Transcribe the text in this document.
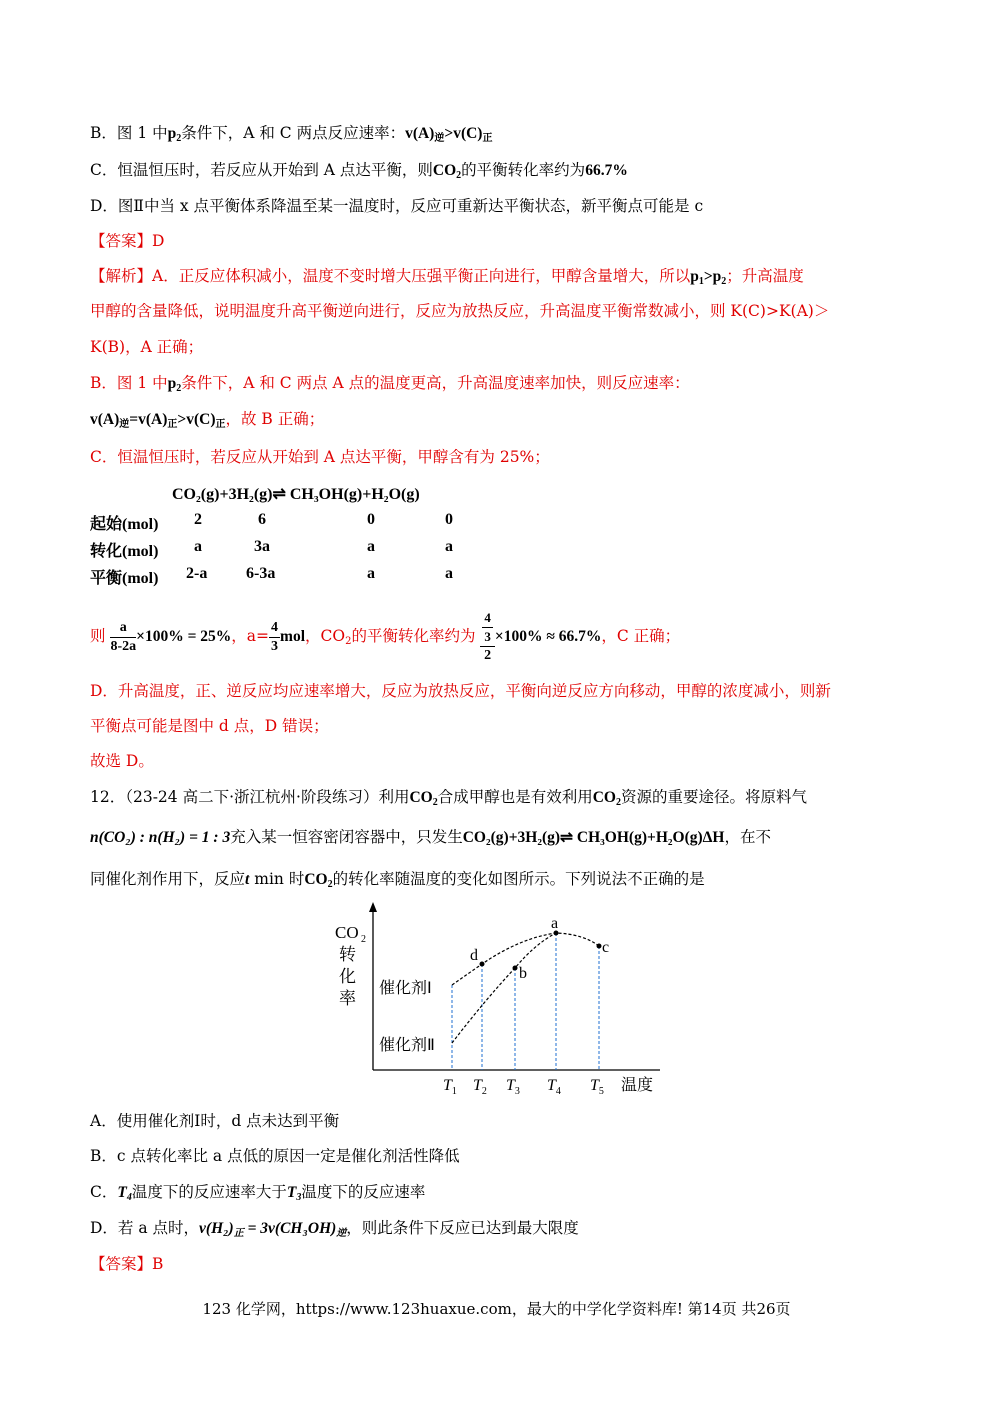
B．图 1 中$p_2$条件下，A 和 C 两点反应速率：$v(A)_逆>v(C)_正$
C．恒温恒压时，若反应从开始到 A 点达平衡，则$CO_2$的平衡转化率约为66.7%
D．图Ⅱ中当 x 点平衡体系降温至某一温度时，反应可重新达平衡状态，新平衡点可能是 c
【答案】D
【解析】A．正反应体积减小，温度不变时增大压强平衡正向进行，甲醇含量增大，所以$p_1>p_2$；升高温度
甲醇的含量降低，说明温度升高平衡逆向进行，反应为放热反应，升高温度平衡常数减小，则 K(C)>K(A)＞
K(B)，A 正确；
B．图 1 中$p_2$条件下，A 和 C 两点 A 点的温度更高，升高温度速率加快，则反应速率：
$v(A)_逆=v(A)_正>v(C)_正$，故 B 正确；
C．恒温恒压时，若反应从开始到 A 点达平衡，甲醇含有为 25%；
CO₂(g)+3H₂(g)⇌ CH₃OH(g)+H₂O(g)
起始(mol) 2	6	0	0
转化(mol) a	3a	a	a
平衡(mol) 2-a 6-3a	a	a
则 $\frac{a}{8-2a} \times 100\% = 25\%$，$a= \frac{4}{3}$ mol，$CO_2$的平衡转化率约为 $\frac{\frac{4}{3}}{2} \times 100\% \approx 66.7\%$，C 正确；
D．升高温度，正、逆反应均应速率增大，反应为放热反应，平衡向逆反应方向移动，甲醇的浓度减小，则新
平衡点可能是图中 d 点，D 错误；
故选 D。
12．（23-24 高二下·浙江杭州·阶段练习）利用$CO_2$合成甲醇也是有效利用$CO_2$资源的重要途径。将原料气
n(CO₂) : n(H₂) = 1 : 3充入某一恒容密闭容器中，只发生CO₂(g)+3H₂(g)⇌ CH₃OH(g)+H₂O(g)ΔH，在不
同催化剂作用下，反应t min 时$CO_2$的转化率随温度的变化如图所示。下列说法不正确的是
CO 2
转
化
率
催化剂Ⅰ
催化剂Ⅱ
a
b
c
d
$T_1$ $T_2$ $T_3$ $T_4$ $T_5$ 温度
A．使用催化剂Ⅰ时，d 点未达到平衡
B．c 点转化率比 a 点低的原因一定是催化剂活性降低
C．$T_4$温度下的反应速率大于$T_3$温度下的反应速率
D．若 a 点时，$v(H_2)_正 = 3v(CH_3OH)_逆$，则此条件下反应已达到最大限度
【答案】B
123 化学网，https://www.123huaxue.com，最大的中学化学资料库! 第14页 共26页
